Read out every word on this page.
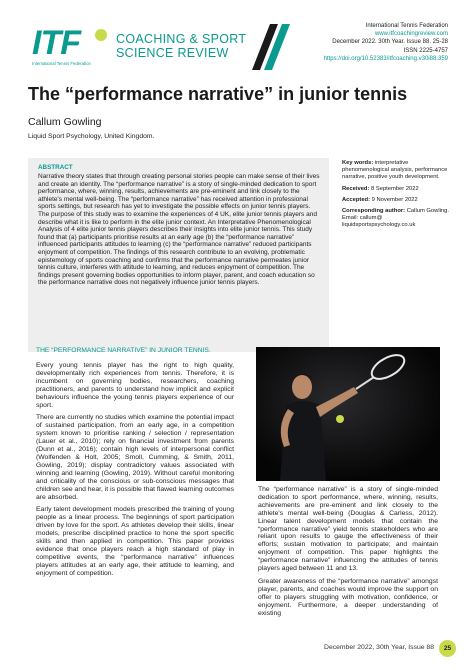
ITF
International Tennis Federation
COACHING & SPORT
SCIENCE REVIEW
International Tennis Federation
www.itfcoachingreview.com
December 2022. 30th Year. Issue 88. 25-28
ISSN 2225-4757
https://doi.org/10.52383/itfcoaching.v30i88.359
The “performance narrative” in junior tennis
Callum Gowling
Liquid Sport Psychology, United Kingdom.
ABSTRACT
Narrative theory states that through creating personal stories people can make sense of their lives and create an identity. The “performance narrative” is a story of single-minded dedication to sport performance, where, winning, results, achievements are pre-eminent and link closely to the athlete's mental well-being. The “performance narrative” has received attention in professional sports settings, but research has yet to investigate the possible effects on junior tennis players. The purpose of this study was to examine the experiences of 4 UK, elite junior tennis players and describe what it is like to perform in the elite junior context. An Interpretative Phenomenological Analysis of 4 elite junior tennis players describes their insights into elite junior tennis. This study found that (a) participants prioritise results at an early age (b) the “performance narrative” influenced participants attitudes to learning (c) the “performance narrative” reduced participants enjoyment of competition. The findings of this research contribute to an evolving, problematic epistemology of sports coaching and confirms that the performance narrative permeates junior tennis culture, interferes with attitude to learning, and reduces enjoyment of competition. The findings present governing bodies opportunities to inform player, parent, and coach education so the performance narrative does not negatively influence junior tennis players.

Key words: interpretative phenomenological analysis, performance narrative, positive youth development.

Received: 8 September 2022

Accepted: 9 November 2022

Corresponding author: Callum Gowling. Email: callum@ liquidsportspsychology.co.uk

THE “PERFORMANCE NARRATIVE” IN JUNIOR TENNIS.

Every young tennis player has the right to high quality, developmentally rich experiences from tennis. Therefore, it is incumbent on governing bodies, researchers, coaching practitioners, and parents to understand how implicit and explicit behaviours influence the young tennis players experience of our sport.

There are currently no studies which examine the potential impact of sustained participation, from an early age, in a competition system known to prioritise ranking / selection / representation (Lauer et al., 2010); rely on financial investment from parents (Dunn et al., 2016); contain high levels of interpersonal conflict (Wolfenden & Holt, 2005; Smoll, Cumming, & Smith, 2011, Gowling, 2019); display contradictory values associated with winning and learning (Gowling, 2019). Without careful monitoring and criticality of the conscious or sub-conscious messages that children see and hear, it is possible that flawed learning outcomes are absorbed.

Early talent development models prescribed the training of young people as a linear process. The beginnings of sport participation driven by love for the sport. As athletes develop their skills, linear models, prescribe disciplined practice to hone the sport specific skills and then applied in competition. This paper provides evidence that once players reach a high standard of play in competitive events, the “performance narrative” influences players attitudes at an early age, their attitude to learning, and enjoyment of competition.

The “performance narrative” is a story of single-minded dedication to sport performance, where, winning, results, achievements are pre-eminent and link closely to the athlete's mental well-being (Douglas & Carless, 2012). Linear talent development models that contain the “performance narrative” yield tennis stakeholders who are reliant upon results to gauge the effectiveness of their efforts; sustain motivation to participate; and maintain enjoyment of competition. This paper highlights the “performance narrative” influencing the attitudes of tennis players aged between 11 and 13.

Greater awareness of the “performance narrative” amongst player, parents, and coaches would improve the support on offer to players struggling with motivation, confidence, or enjoyment. Furthermore, a deeper understanding of existing

December 2022, 30th Year, Issue 88	25
